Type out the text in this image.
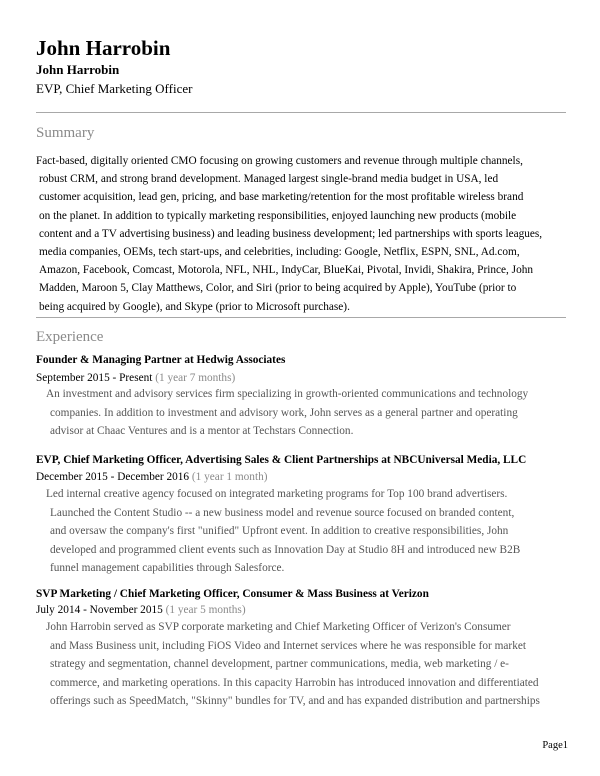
John Harrobin
John Harrobin
EVP, Chief Marketing Officer
Summary
Fact-based, digitally oriented CMO focusing on growing customers and revenue through multiple channels,
robust CRM, and strong brand development. Managed largest single-brand media budget in USA, led
customer acquisition, lead gen, pricing, and base marketing/retention for the most profitable wireless brand
on the planet. In addition to typically marketing responsibilities, enjoyed launching new products (mobile
content and a TV advertising business) and leading business development; led partnerships with sports leagues,
media companies, OEMs, tech start-ups, and celebrities, including: Google, Netflix, ESPN, SNL, Ad.com,
Amazon, Facebook, Comcast, Motorola, NFL, NHL, IndyCar, BlueKai, Pivotal, Invidi, Shakira, Prince, John
Madden, Maroon 5, Clay Matthews, Color, and Siri (prior to being acquired by Apple), YouTube (prior to
being acquired by Google), and Skype (prior to Microsoft purchase).
Experience
Founder & Managing Partner at Hedwig Associates
September 2015 - Present (1 year 7 months)
An investment and advisory services firm specializing in growth-oriented communications and technology
companies. In addition to investment and advisory work, John serves as a general partner and operating
advisor at Chaac Ventures and is a mentor at Techstars Connection.
EVP, Chief Marketing Officer, Advertising Sales & Client Partnerships at NBCUniversal Media, LLC
December 2015 - December 2016 (1 year 1 month)
Led internal creative agency focused on integrated marketing programs for Top 100 brand advertisers.
Launched the Content Studio -- a new business model and revenue source focused on branded content,
and oversaw the company's first "unified" Upfront event. In addition to creative responsibilities, John
developed and programmed client events such as Innovation Day at Studio 8H and introduced new B2B
funnel management capabilities through Salesforce.
SVP Marketing / Chief Marketing Officer, Consumer & Mass Business at Verizon
July 2014 - November 2015 (1 year 5 months)
John Harrobin served as SVP corporate marketing and Chief Marketing Officer of Verizon's Consumer
and Mass Business unit, including FiOS Video and Internet services where he was responsible for market
strategy and segmentation, channel development, partner communications, media, web marketing / e-
commerce, and marketing operations. In this capacity Harrobin has introduced innovation and differentiated
offerings such as SpeedMatch, "Skinny" bundles for TV, and and has expanded distribution and partnerships
Page1
